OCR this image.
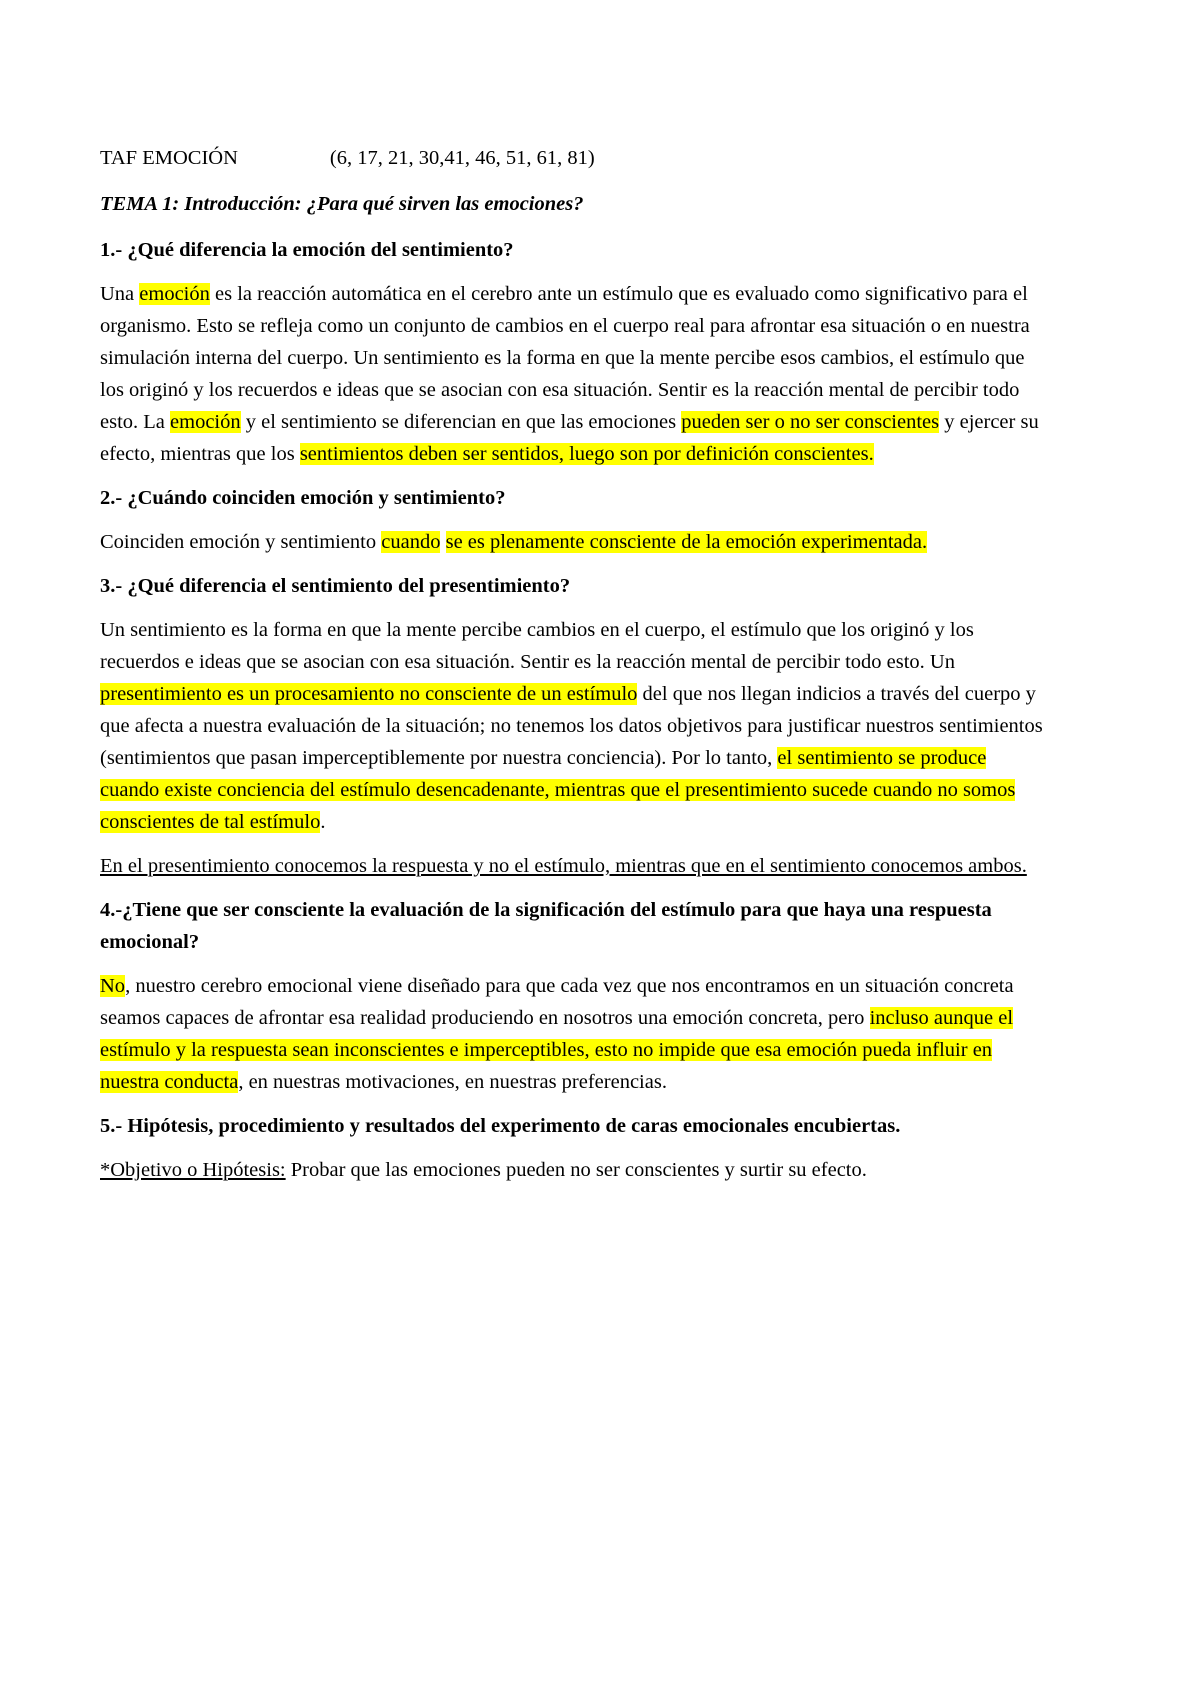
TAF EMOCIÓN	(6, 17, 21, 30,41, 46, 51, 61, 81)

TEMA 1: Introducción: ¿Para qué sirven las emociones?

1.- ¿Qué diferencia la emoción del sentimiento?

Una emoción es la reacción automática en el cerebro ante un estímulo que es evaluado como significativo para el organismo. Esto se refleja como un conjunto de cambios en el cuerpo real para afrontar esa situación o en nuestra simulación interna del cuerpo. Un sentimiento es la forma en que la mente percibe esos cambios, el estímulo que los originó y los recuerdos e ideas que se asocian con esa situación. Sentir es la reacción mental de percibir todo esto. La emoción y el sentimiento se diferencian en que las emociones pueden ser o no ser conscientes y ejercer su efecto, mientras que los sentimientos deben ser sentidos, luego son por definición conscientes.

2.- ¿Cuándo coinciden emoción y sentimiento?

Coinciden emoción y sentimiento cuando se es plenamente consciente de la emoción experimentada.

3.- ¿Qué diferencia el sentimiento del presentimiento?

Un sentimiento es la forma en que la mente percibe cambios en el cuerpo, el estímulo que los originó y los recuerdos e ideas que se asocian con esa situación. Sentir es la reacción mental de percibir todo esto. Un presentimiento es un procesamiento no consciente de un estímulo del que nos llegan indicios a través del cuerpo y que afecta a nuestra evaluación de la situación; no tenemos los datos objetivos para justificar nuestros sentimientos (sentimientos que pasan imperceptiblemente por nuestra conciencia). Por lo tanto, el sentimiento se produce cuando existe conciencia del estímulo desencadenante, mientras que el presentimiento sucede cuando no somos conscientes de tal estímulo.

En el presentimiento conocemos la respuesta y no el estímulo, mientras que en el sentimiento conocemos ambos.

4.-¿Tiene que ser consciente la evaluación de la significación del estímulo para que haya una respuesta emocional?

No, nuestro cerebro emocional viene diseñado para que cada vez que nos encontramos en un situación concreta seamos capaces de afrontar esa realidad produciendo en nosotros una emoción concreta, pero incluso aunque el estímulo y la respuesta sean inconscientes e imperceptibles, esto no impide que esa emoción pueda influir en nuestra conducta, en nuestras motivaciones, en nuestras preferencias.

5.- Hipótesis, procedimiento y resultados del experimento de caras emocionales encubiertas.

*Objetivo o Hipótesis: Probar que las emociones pueden no ser conscientes y surtir su efecto.
